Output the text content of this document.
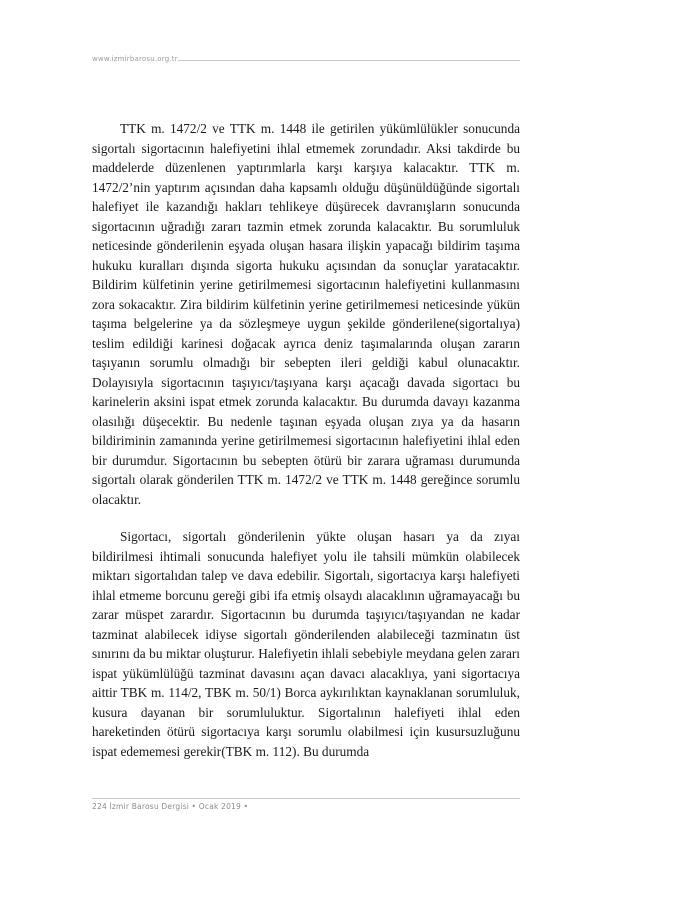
www.izmirbarosu.org.tr

TTK m. 1472/2 ve TTK m. 1448 ile getirilen yükümlülükler sonucunda sigortalı sigortacının halefiyetini ihlal etmemek zorundadır. Aksi takdirde bu maddelerde düzenlenen yaptırımlarla karşı karşıya kalacaktır. TTK m. 1472/2’nin yaptırım açısından daha kapsamlı olduğu düşünüldüğünde sigortalı halefiyet ile kazandığı hakları tehlikeye düşürecek davranışların sonucunda sigortacının uğradığı zararı tazmin etmek zorunda kalacaktır. Bu sorumluluk neticesinde gönderilenin eşyada oluşan hasara ilişkin yapacağı bildirim taşıma hukuku kuralları dışında sigorta hukuku açısından da sonuçlar yaratacaktır. Bildirim külfetinin yerine getirilmemesi sigortacının halefiyetini kullanmasını zora sokacaktır. Zira bildirim külfetinin yerine getirilmemesi neticesinde yükün taşıma belgelerine ya da sözleşmeye uygun şekilde gönderilene(sigortalıya) teslim edildiği karinesi doğacak ayrıca deniz taşımalarında oluşan zararın taşıyanın sorumlu olmadığı bir sebepten ileri geldiği kabul olunacaktır. Dolayısıyla sigortacının taşıyıcı/taşıyana karşı açacağı davada sigortacı bu karinelerin aksini ispat etmek zorunda kalacaktır. Bu durumda davayı kazanma olasılığı düşecektir. Bu nedenle taşınan eşyada oluşan zıya ya da hasarın bildiriminin zamanında yerine getirilmemesi sigortacının halefiyetini ihlal eden bir durumdur. Sigortacının bu sebepten ötürü bir zarara uğraması durumunda sigortalı olarak gönderilen TTK m. 1472/2 ve TTK m. 1448 gereğince sorumlu olacaktır.

Sigortacı, sigortalı gönderilenin yükte oluşan hasarı ya da zıyaı bildirilmesi ihtimali sonucunda halefiyet yolu ile tahsili mümkün olabilecek miktarı sigortalıdan talep ve dava edebilir. Sigortalı, sigortacıya karşı halefiyeti ihlal etmeme borcunu gereği gibi ifa etmiş olsaydı alacaklının uğramayacağı bu zarar müspet zarardır. Sigortacının bu durumda taşıyıcı/taşıyandan ne kadar tazminat alabilecek idiyse sigortalı gönderilenden alabileceği tazminatın üst sınırını da bu miktar oluşturur. Halefiyetin ihlali sebebiyle meydana gelen zararı ispat yükümlülüğü tazminat davasını açan davacı alacaklıya, yani sigortacıya aittir TBK m. 114/2, TBK m. 50/1) Borca aykırılıktan kaynaklanan sorumluluk, kusura dayanan bir sorumluluktur. Sigortalının halefiyeti ihlal eden hareketinden ötürü sigortacıya karşı sorumlu olabilmesi için kusursuzluğunu ispat edememesi gerekir(TBK m. 112). Bu durumda

224 İzmir Barosu Dergisi • Ocak 2019 •
